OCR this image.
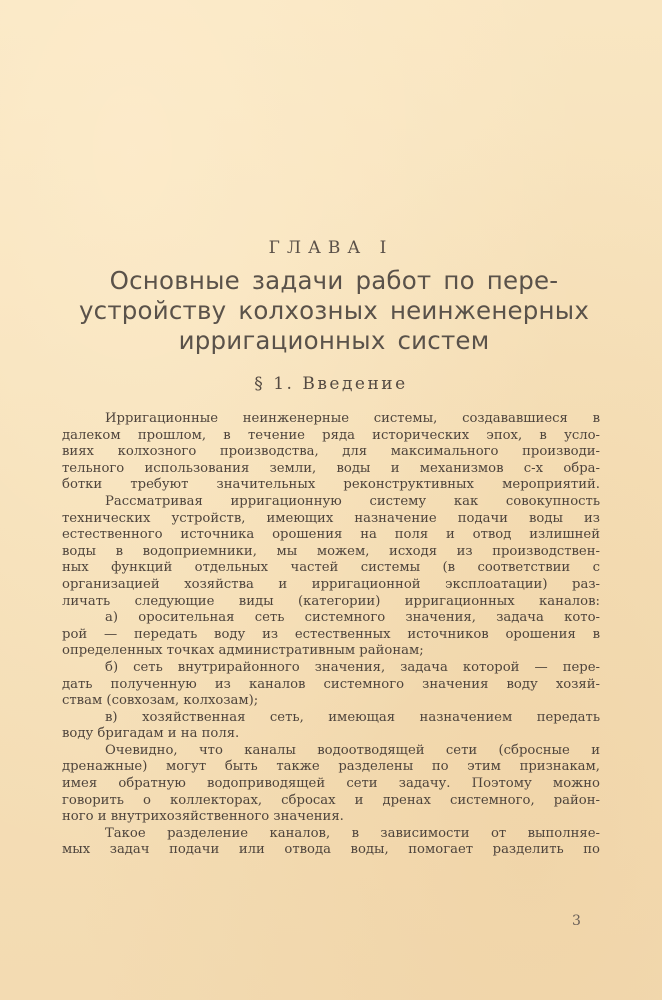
ГЛАВА I
Основные задачи работ по пере-
устройству колхозных неинженерных
ирригационных систем
§ 1. Введение
Ирригационные неинженерные системы, создававшиеся в
далеком прошлом, в течение ряда исторических эпох, в усло-
виях колхозного производства, для максимального производи-
тельного использования земли, воды и механизмов с-х обра-
ботки требуют значительных реконструктивных мероприятий.
Рассматривая ирригационную систему как совокупность
технических устройств, имеющих назначение подачи воды из
естественного источника орошения на поля и отвод излишней
воды в водоприемники, мы можем, исходя из производствен-
ных функций отдельных частей системы (в соответствии с
организацией хозяйства и ирригационной эксплоатации) раз-
личать следующие виды (категории) ирригационных каналов:
а) оросительная сеть системного значения, задача кото-
рой — передать воду из естественных источников орошения в
определенных точках административным районам;
б) сеть внутрирайонного значения, задача которой — пере-
дать полученную из каналов системного значения воду хозяй-
ствам (совхозам, колхозам);
в) хозяйственная сеть, имеющая назначением передать
воду бригадам и на поля.
Очевидно, что каналы водоотводящей сети (сбросные и
дренажные) могут быть также разделены по этим признакам,
имея обратную водоприводящей сети задачу. Поэтому можно
говорить о коллекторах, сбросах и дренах системного, район-
ного и внутрихозяйственного значения.
Такое разделение каналов, в зависимости от выполняе-
мых задач подачи или отвода воды, помогает разделить по
3
